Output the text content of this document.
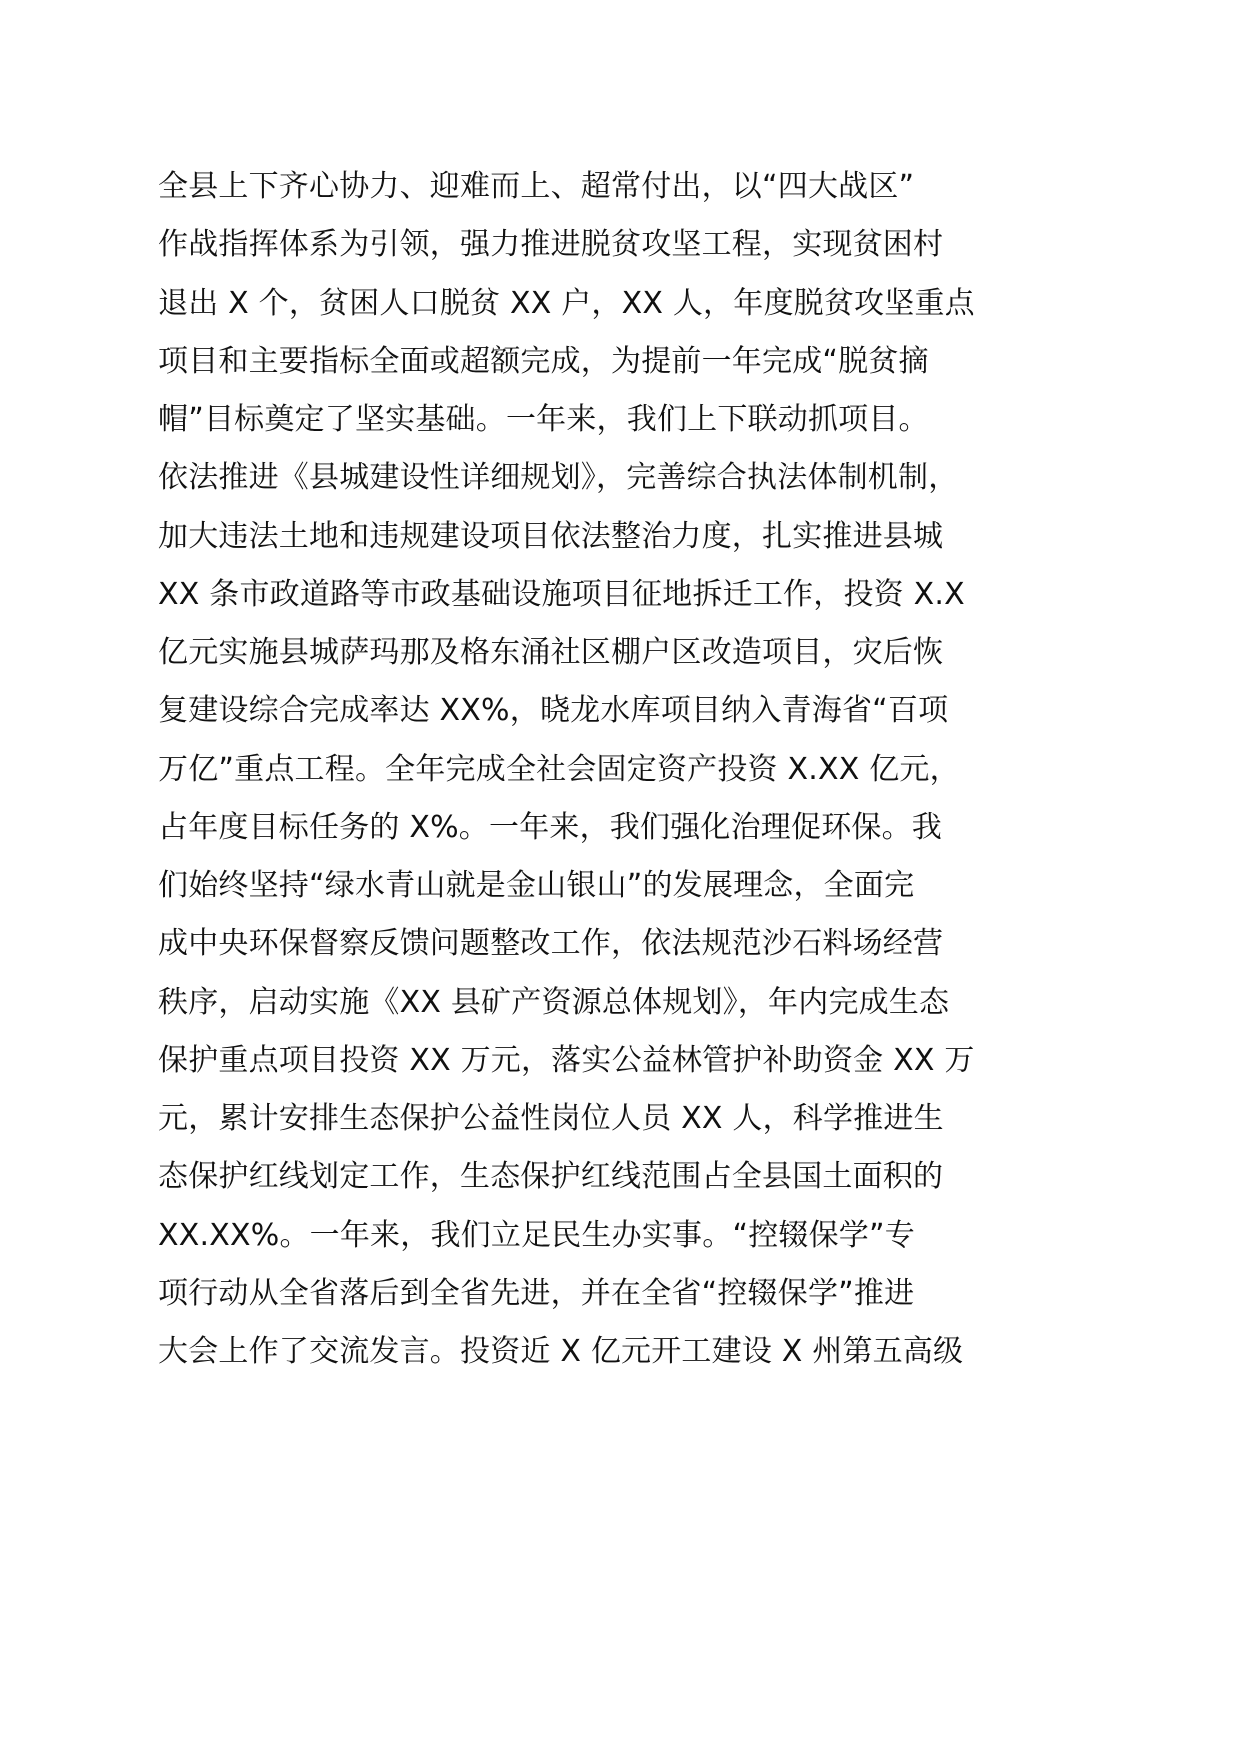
全县上下齐心协力、迎难而上、超常付出，以“四大战区”
作战指挥体系为引领，强力推进脱贫攻坚工程，实现贫困村
退出 X 个，贫困人口脱贫 XX 户，XX 人，年度脱贫攻坚重点
项目和主要指标全面或超额完成，为提前一年完成“脱贫摘
帽”目标奠定了坚实基础。一年来，我们上下联动抓项目。
依法推进《县城建设性详细规划》，完善综合执法体制机制，
加大违法土地和违规建设项目依法整治力度，扎实推进县城
XX 条市政道路等市政基础设施项目征地拆迁工作，投资 X.X
亿元实施县城萨玛那及格东涌社区棚户区改造项目，灾后恢
复建设综合完成率达 XX%，晓龙水库项目纳入青海省“百项
万亿”重点工程。全年完成全社会固定资产投资 X.XX 亿元，
占年度目标任务的 X%。一年来，我们强化治理促环保。我
们始终坚持“绿水青山就是金山银山”的发展理念，全面完
成中央环保督察反馈问题整改工作，依法规范沙石料场经营
秩序，启动实施《XX 县矿产资源总体规划》，年内完成生态
保护重点项目投资 XX 万元，落实公益林管护补助资金 XX 万
元，累计安排生态保护公益性岗位人员 XX 人，科学推进生
态保护红线划定工作，生态保护红线范围占全县国土面积的
XX.XX%。一年来，我们立足民生办实事。“控辍保学”专
项行动从全省落后到全省先进，并在全省“控辍保学”推进
大会上作了交流发言。投资近 X 亿元开工建设 X 州第五高级
